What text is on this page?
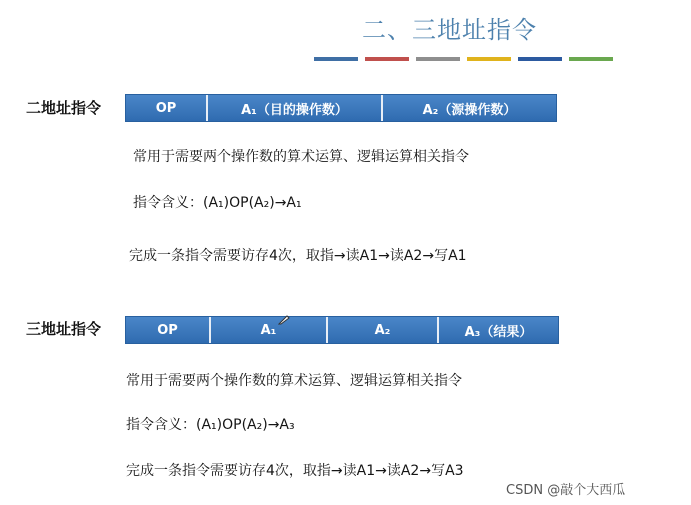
二、三地址指令
二地址指令	OP	A₁（目的操作数）	A₂（源操作数）
常用于需要两个操作数的算术运算、逻辑运算相关指令
指令含义：(A₁)OP(A₂)→A₁
完成一条指令需要访存4次，取指→读A1→读A2→写A1
三地址指令	OP	A₁	A₂	A₃（结果）
常用于需要两个操作数的算术运算、逻辑运算相关指令
指令含义：(A₁)OP(A₂)→A₃
完成一条指令需要访存4次，取指→读A1→读A2→写A3
CSDN @敲个大西瓜
